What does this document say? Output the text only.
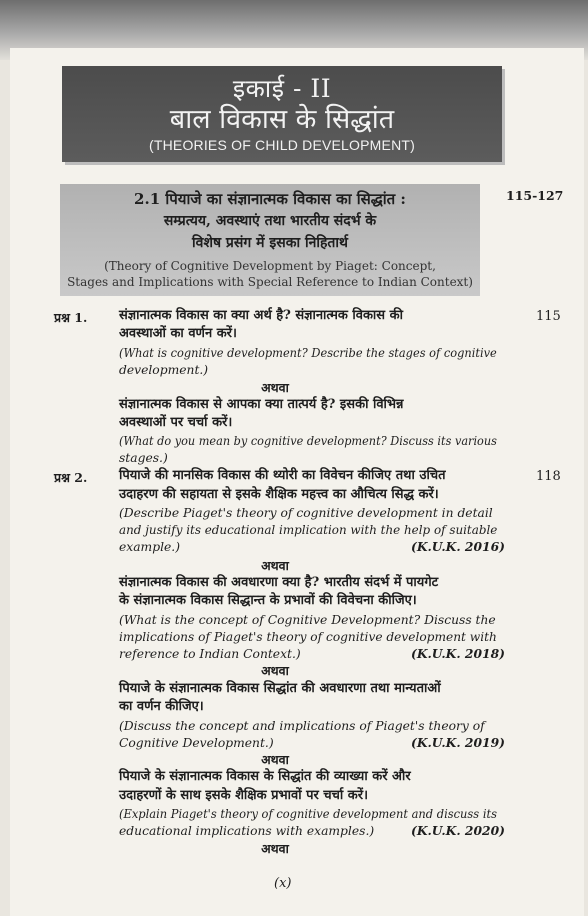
इकाई - II
बाल विकास के सिद्धांत
(THEORIES OF CHILD DEVELOPMENT)
2.1 पियाजे का संज्ञानात्मक विकास का सिद्धांत :
सम्प्रत्यय, अवस्थाएं तथा भारतीय संदर्भ के
विशेष प्रसंग में इसका निहितार्थ
(Theory of Cognitive Development by Piaget: Concept,
Stages and Implications with Special Reference to Indian Context)
115-127
प्रश्न 1.	115
संज्ञानात्मक विकास का क्या अर्थ है? संज्ञानात्मक विकास की
अवस्थाओं का वर्णन करें।
(What is cognitive development? Describe the stages of cognitive
development.)
अथवा
संज्ञानात्मक विकास से आपका क्या तात्पर्य है? इसकी विभिन्न
अवस्थाओं पर चर्चा करें।
(What do you mean by cognitive development? Discuss its various
stages.)
प्रश्न 2.	118
पियाजे की मानसिक विकास की थ्योरी का विवेचन कीजिए तथा उचित
उदाहरण की सहायता से इसके शैक्षिक महत्त्व का औचित्य सिद्ध करें।
(Describe Piaget's theory of cognitive development in detail
and justify its educational implication with the help of suitable
example.)	(K.U.K. 2016)
अथवा
संज्ञानात्मक विकास की अवधारणा क्या है? भारतीय संदर्भ में पायगेट
के संज्ञानात्मक विकास सिद्धान्त के प्रभावों की विवेचना कीजिए।
(What is the concept of Cognitive Development? Discuss the
implications of Piaget's theory of cognitive development with
reference to Indian Context.)	(K.U.K. 2018)
अथवा
पियाजे के संज्ञानात्मक विकास सिद्धांत की अवधारणा तथा मान्यताओं
का वर्णन कीजिए।
(Discuss the concept and implications of Piaget's theory of
Cognitive Development.)	(K.U.K. 2019)
अथवा
पियाजे के संज्ञानात्मक विकास के सिद्धांत की व्याख्या करें और
उदाहरणों के साथ इसके शैक्षिक प्रभावों पर चर्चा करें।
(Explain Piaget's theory of cognitive development and discuss its
educational implications with examples.)	(K.U.K. 2020)
अथवा
(x)
